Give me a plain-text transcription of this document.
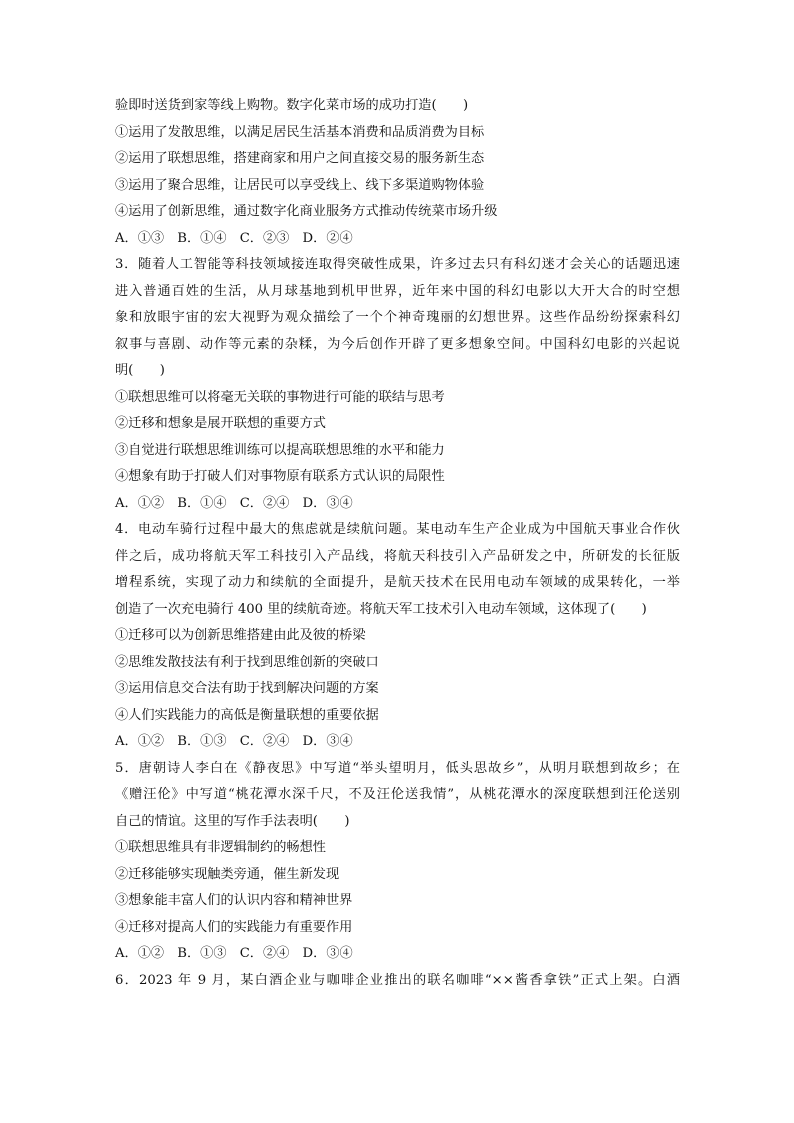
验即时送货到家等线上购物。数字化菜市场的成功打造(　　)
①运用了发散思维，以满足居民生活基本消费和品质消费为目标
②运用了联想思维，搭建商家和用户之间直接交易的服务新生态
③运用了聚合思维，让居民可以享受线上、线下多渠道购物体验
④运用了创新思维，通过数字化商业服务方式推动传统菜市场升级
A．①③　B．①④　C．②③　D．②④
3．随着人工智能等科技领域接连取得突破性成果，许多过去只有科幻迷才会关心的话题迅速
进入普通百姓的生活，从月球基地到机甲世界，近年来中国的科幻电影以大开大合的时空想
象和放眼宇宙的宏大视野为观众描绘了一个个神奇瑰丽的幻想世界。这些作品纷纷探索科幻
叙事与喜剧、动作等元素的杂糅，为今后创作开辟了更多想象空间。中国科幻电影的兴起说
明(　　)
①联想思维可以将毫无关联的事物进行可能的联结与思考
②迁移和想象是展开联想的重要方式
③自觉进行联想思维训练可以提高联想思维的水平和能力
④想象有助于打破人们对事物原有联系方式认识的局限性
A．①②　B．①④　C．②④　D．③④
4．电动车骑行过程中最大的焦虑就是续航问题。某电动车生产企业成为中国航天事业合作伙
伴之后，成功将航天军工科技引入产品线，将航天科技引入产品研发之中，所研发的长征版
增程系统，实现了动力和续航的全面提升，是航天技术在民用电动车领域的成果转化，一举
创造了一次充电骑行 400 里的续航奇迹。将航天军工技术引入电动车领域，这体现了(　　)
①迁移可以为创新思维搭建由此及彼的桥梁
②思维发散技法有利于找到思维创新的突破口
③运用信息交合法有助于找到解决问题的方案
④人们实践能力的高低是衡量联想的重要依据
A．①②　B．①③　C．②④　D．③④
5．唐朝诗人李白在《静夜思》中写道“举头望明月，低头思故乡”，从明月联想到故乡；在
《赠汪伦》中写道“桃花潭水深千尺，不及汪伦送我情”，从桃花潭水的深度联想到汪伦送别
自己的情谊。这里的写作手法表明(　　)
①联想思维具有非逻辑制约的畅想性
②迁移能够实现触类旁通，催生新发现
③想象能丰富人们的认识内容和精神世界
④迁移对提高人们的实践能力有重要作用
A．①②　B．①③　C．②④　D．③④
6．2023 年 9 月，某白酒企业与咖啡企业推出的联名咖啡“××酱香拿铁”正式上架。白酒
